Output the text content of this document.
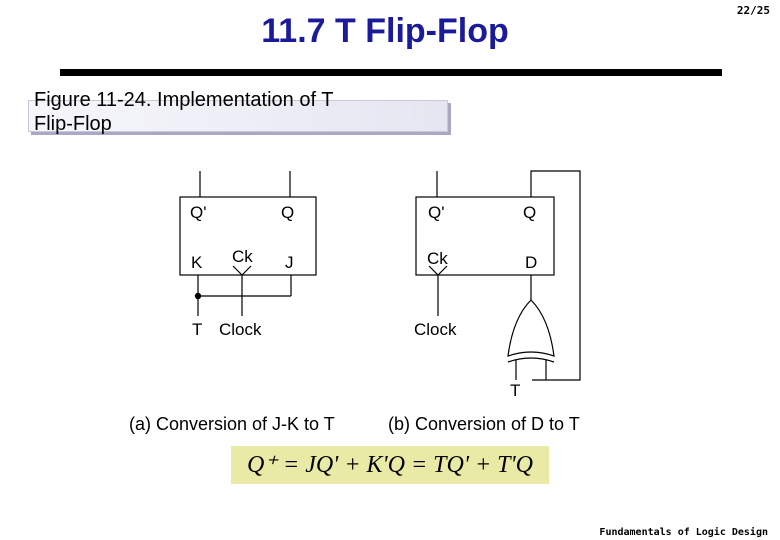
11.7 T Flip-Flop
22/25
Figure 11-24. Implementation of T
Flip-Flop
Q'	Q
K Ck J
T Clock
Q'	Q
Ck	D
Clock
T
(a) Conversion of J-K to T	(b) Conversion of D to T
Q⁺ = JQ' + K'Q = TQ' + T'Q
Fundamentals of Logic Design
